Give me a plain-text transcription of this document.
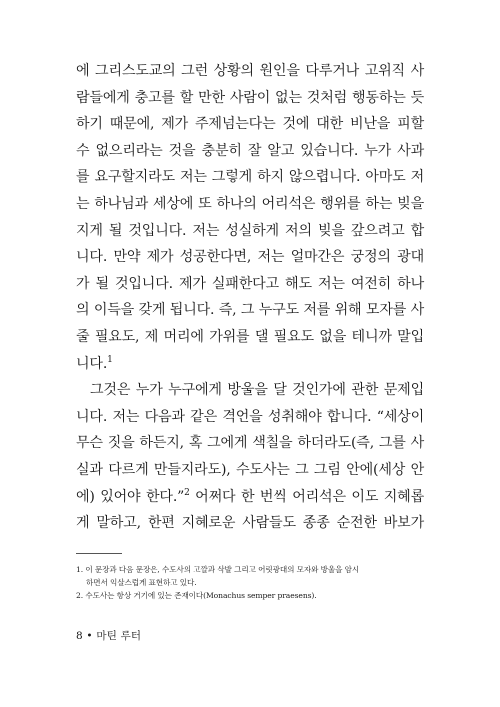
에 그리스도교의 그런 상황의 원인을 다루거나 고위직 사
람들에게 충고를 할 만한 사람이 없는 것처럼 행동하는 듯
하기 때문에, 제가 주제넘는다는 것에 대한 비난을 피할
수 없으리라는 것을 충분히 잘 알고 있습니다. 누가 사과
를 요구할지라도 저는 그렇게 하지 않으렵니다. 아마도 저
는 하나님과 세상에 또 하나의 어리석은 행위를 하는 빚을
지게 될 것입니다. 저는 성실하게 저의 빚을 갚으려고 합
니다. 만약 제가 성공한다면, 저는 얼마간은 궁정의 광대
가 될 것입니다. 제가 실패한다고 해도 저는 여전히 하나
의 이득을 갖게 됩니다. 즉, 그 누구도 저를 위해 모자를 사
줄 필요도, 제 머리에 가위를 댈 필요도 없을 테니까 말입
니다.$^1$
그것은 누가 누구에게 방울을 달 것인가에 관한 문제입
니다. 저는 다음과 같은 격언을 성취해야 합니다. “세상이
무슨 짓을 하든지, 혹 그에게 색칠을 하더라도(즉, 그를 사
실과 다르게 만들지라도), 수도사는 그 그림 안에(세상 안
에) 있어야 한다.”$^2$ 어쩌다 한 번씩 어리석은 이도 지혜롭
게 말하고, 한편 지혜로운 사람들도 종종 순전한 바보가
1. 이 문장과 다음 문장은, 수도사의 고깔과 삭발 그리고 어릿광대의 모자와 방울을 암시
하면서 익살스럽게 표현하고 있다.
2. 수도사는 항상 거기에 있는 존재이다(Monachus semper praesens).
8 • 마틴 루터
